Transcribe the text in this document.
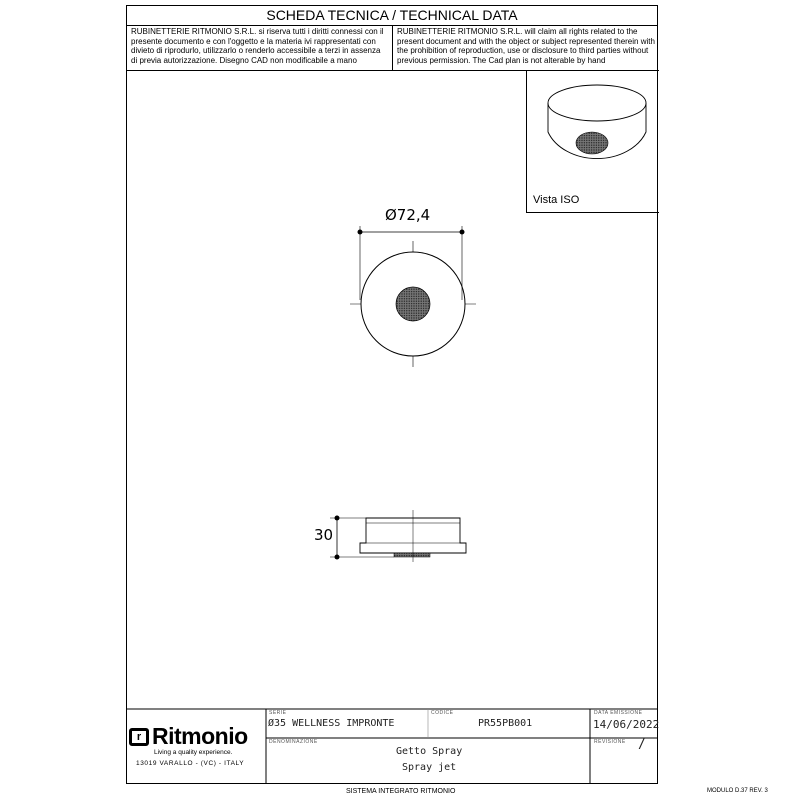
SCHEDA TECNICA / TECHNICAL DATA
RUBINETTERIE RITMONIO S.R.L. si riserva tutti i diritti connessi con il presente documento e con l'oggetto e la materia ivi rappresentati con divieto di riprodurlo, utilizzarlo o renderlo accessibile a terzi in assenza di previa autorizzazione. Disegno CAD non modificabile a mano
RUBINETTERIE RITMONIO S.R.L. will claim all rights related to the present document and with the object or subject represented therein with the prohibition of reproduction, use or disclosure to third parties without previous permission. The Cad plan is not alterable by hand
Vista ISO
Ø72,4
30
r Ritmonio
Living a quality experience.
13019 VARALLO - (VC) - ITALY
SERIE
Ø35 WELLNESS IMPRONTE
CODICE
PR55PB001
DATA EMISSIONE
14/06/2022
DENOMINAZIONE
Getto Spray
Spray jet
REVISIONE /
SISTEMA INTEGRATO RITMONIO	MODULO D.37 REV. 3
